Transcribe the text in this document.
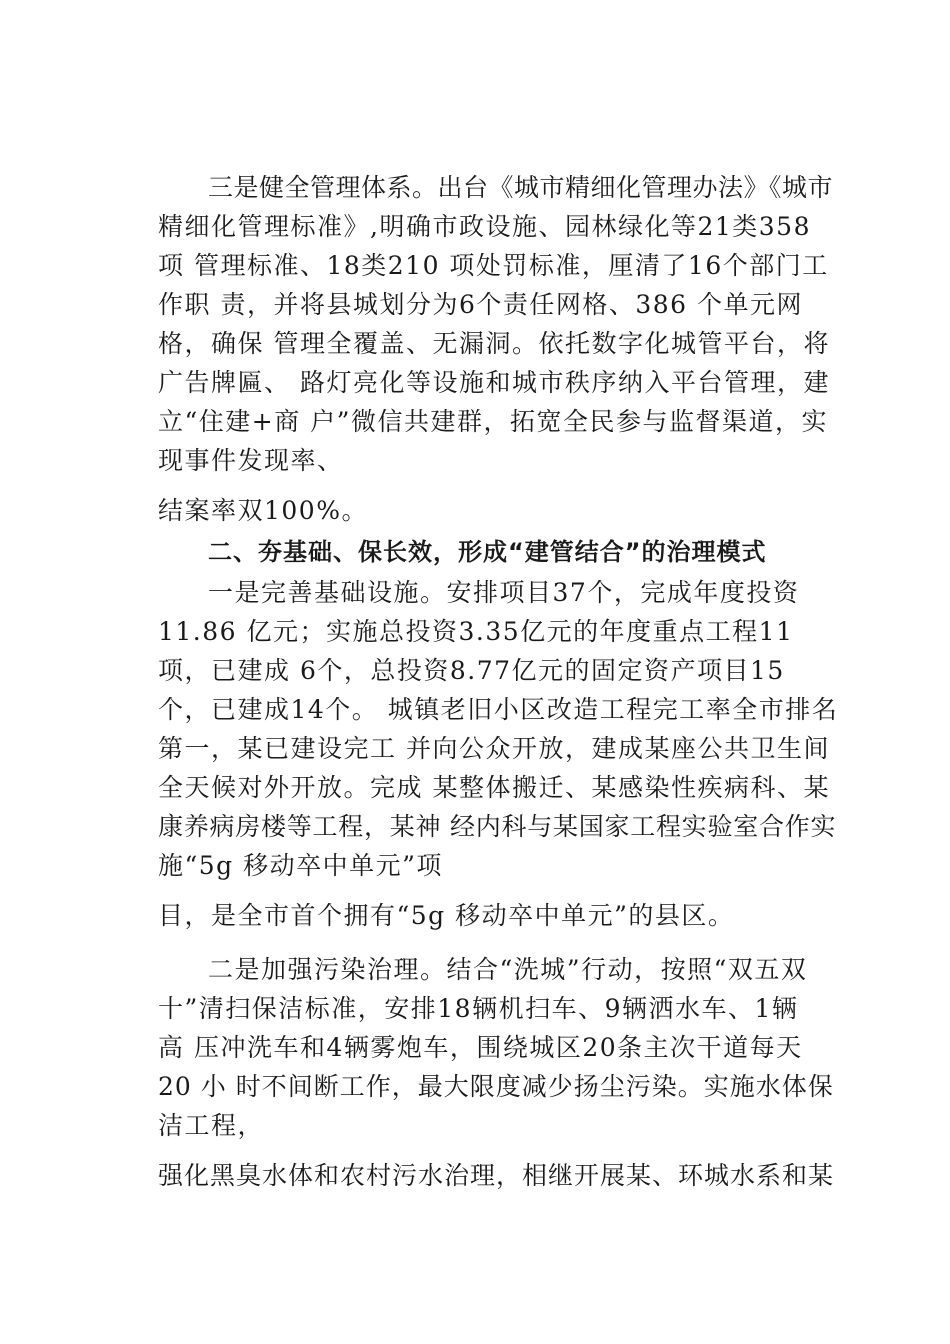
三是健全管理体系。出台《城市精细化管理办法》《城市
精细化管理标准》,明确市政设施、园林绿化等21类358
项 管理标准、18类210 项处罚标准，厘清了16个部门工
作职 责，并将县城划分为6个责任网格、386 个单元网
格，确保 管理全覆盖、无漏洞。依托数字化城管平台，将
广告牌匾、 路灯亮化等设施和城市秩序纳入平台管理，建
立“住建+商 户”微信共建群，拓宽全民参与监督渠道，实
现事件发现率、
结案率双100%。
二、夯基础、保长效，形成“建管结合”的治理模式
一是完善基础设施。安排项目37个，完成年度投资
11.86 亿元；实施总投资3.35亿元的年度重点工程11
项，已建成 6个，总投资8.77亿元的固定资产项目15
个，已建成14个。 城镇老旧小区改造工程完工率全市排名
第一，某已建设完工 并向公众开放，建成某座公共卫生间
全天候对外开放。完成 某整体搬迁、某感染性疾病科、某
康养病房楼等工程，某神 经内科与某国家工程实验室合作实
施“5g 移动卒中单元”项
目，是全市首个拥有“5g 移动卒中单元”的县区。
二是加强污染治理。结合“洗城”行动，按照“双五双
十”清扫保洁标准，安排18辆机扫车、9辆洒水车、1辆
高 压冲洗车和4辆雾炮车，围绕城区20条主次干道每天
20 小 时不间断工作，最大限度减少扬尘污染。实施水体保
洁工程，
强化黑臭水体和农村污水治理，相继开展某、环城水系和某
